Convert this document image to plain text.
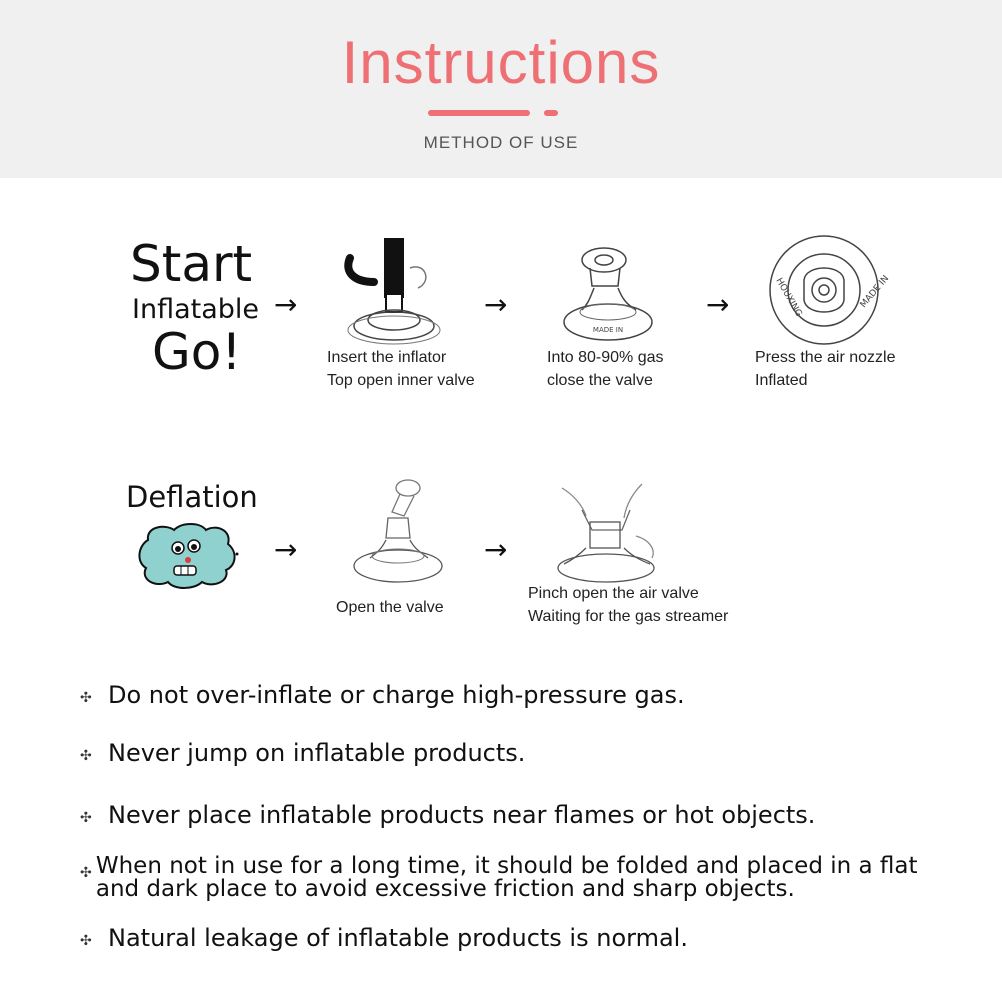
Instructions
METHOD OF USE
Start
Inflatable
Go!
→	→	→
MADE IN
MADE IN
HOUXING
Insert the inflator
Top open inner valve
Into 80-90% gas
close the valve
Press the air nozzle
Inflated
Deflation
→	→
Open the valve
Pinch open the air valve
Waiting for the gas streamer
✣ Do not over-inflate or charge high-pressure gas.
✣ Never jump on inflatable products.
✣ Never place inflatable products near flames or hot objects.
✣ When not in use for a long time, it should be folded and placed in a flat and dark place to avoid excessive friction and sharp objects.
✣ Natural leakage of inflatable products is normal.
